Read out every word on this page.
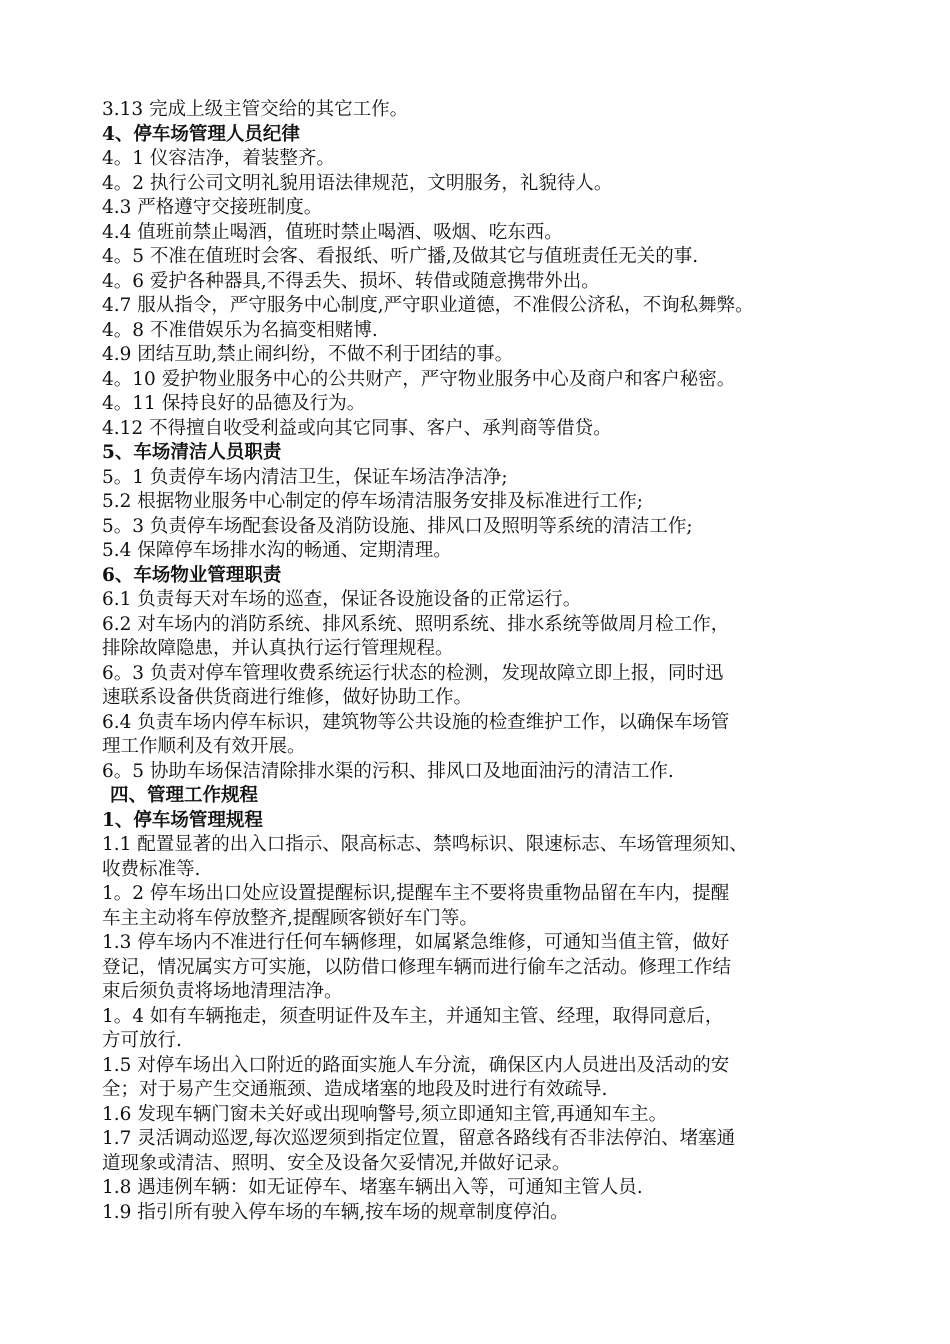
3.13 完成上级主管交给的其它工作。
4、停车场管理人员纪律
4。1 仪容洁净，着装整齐。
4。2 执行公司文明礼貌用语法律规范，文明服务，礼貌待人。
4.3 严格遵守交接班制度。
4.4 值班前禁止喝酒，值班时禁止喝酒、吸烟、吃东西。
4。5 不准在值班时会客、看报纸、听广播,及做其它与值班责任无关的事.
4。6 爱护各种器具,不得丢失、损坏、转借或随意携带外出。
4.7 服从指令，严守服务中心制度,严守职业道德，不准假公济私，不询私舞弊。
4。8 不准借娱乐为名搞变相赌博.
4.9 团结互助,禁止闹纠纷，不做不利于团结的事。
4。10 爱护物业服务中心的公共财产，严守物业服务中心及商户和客户秘密。
4。11 保持良好的品德及行为。
4.12 不得擅自收受利益或向其它同事、客户、承判商等借贷。
5、车场清洁人员职责
5。1 负责停车场内清洁卫生，保证车场洁净洁净;
5.2 根据物业服务中心制定的停车场清洁服务安排及标准进行工作;
5。3 负责停车场配套设备及消防设施、排风口及照明等系统的清洁工作;
5.4 保障停车场排水沟的畅通、定期清理。
6、车场物业管理职责
6.1 负责每天对车场的巡查，保证各设施设备的正常运行。
6.2 对车场内的消防系统、排风系统、照明系统、排水系统等做周月检工作，
排除故障隐患，并认真执行运行管理规程。
6。3 负责对停车管理收费系统运行状态的检测，发现故障立即上报，同时迅
速联系设备供货商进行维修，做好协助工作。
6.4 负责车场内停车标识，建筑物等公共设施的检查维护工作，以确保车场管
理工作顺利及有效开展。
6。5 协助车场保洁清除排水渠的污积、排风口及地面油污的清洁工作.
四、管理工作规程
1、停车场管理规程
1.1 配置显著的出入口指示、限高标志、禁鸣标识、限速标志、车场管理须知、
收费标准等.
1。2 停车场出口处应设置提醒标识,提醒车主不要将贵重物品留在车内，提醒
车主主动将车停放整齐,提醒顾客锁好车门等。
1.3 停车场内不准进行任何车辆修理，如属紧急维修，可通知当值主管，做好
登记，情况属实方可实施，以防借口修理车辆而进行偷车之活动。修理工作结
束后须负责将场地清理洁净。
1。4 如有车辆拖走，须查明证件及车主，并通知主管、经理，取得同意后，
方可放行.
1.5 对停车场出入口附近的路面实施人车分流，确保区内人员进出及活动的安
全；对于易产生交通瓶颈、造成堵塞的地段及时进行有效疏导.
1.6 发现车辆门窗未关好或出现响警号,须立即通知主管,再通知车主。
1.7 灵活调动巡逻,每次巡逻须到指定位置，留意各路线有否非法停泊、堵塞通
道现象或清洁、照明、安全及设备欠妥情况,并做好记录。
1.8 遇违例车辆：如无证停车、堵塞车辆出入等，可通知主管人员.
1.9 指引所有驶入停车场的车辆,按车场的规章制度停泊。
